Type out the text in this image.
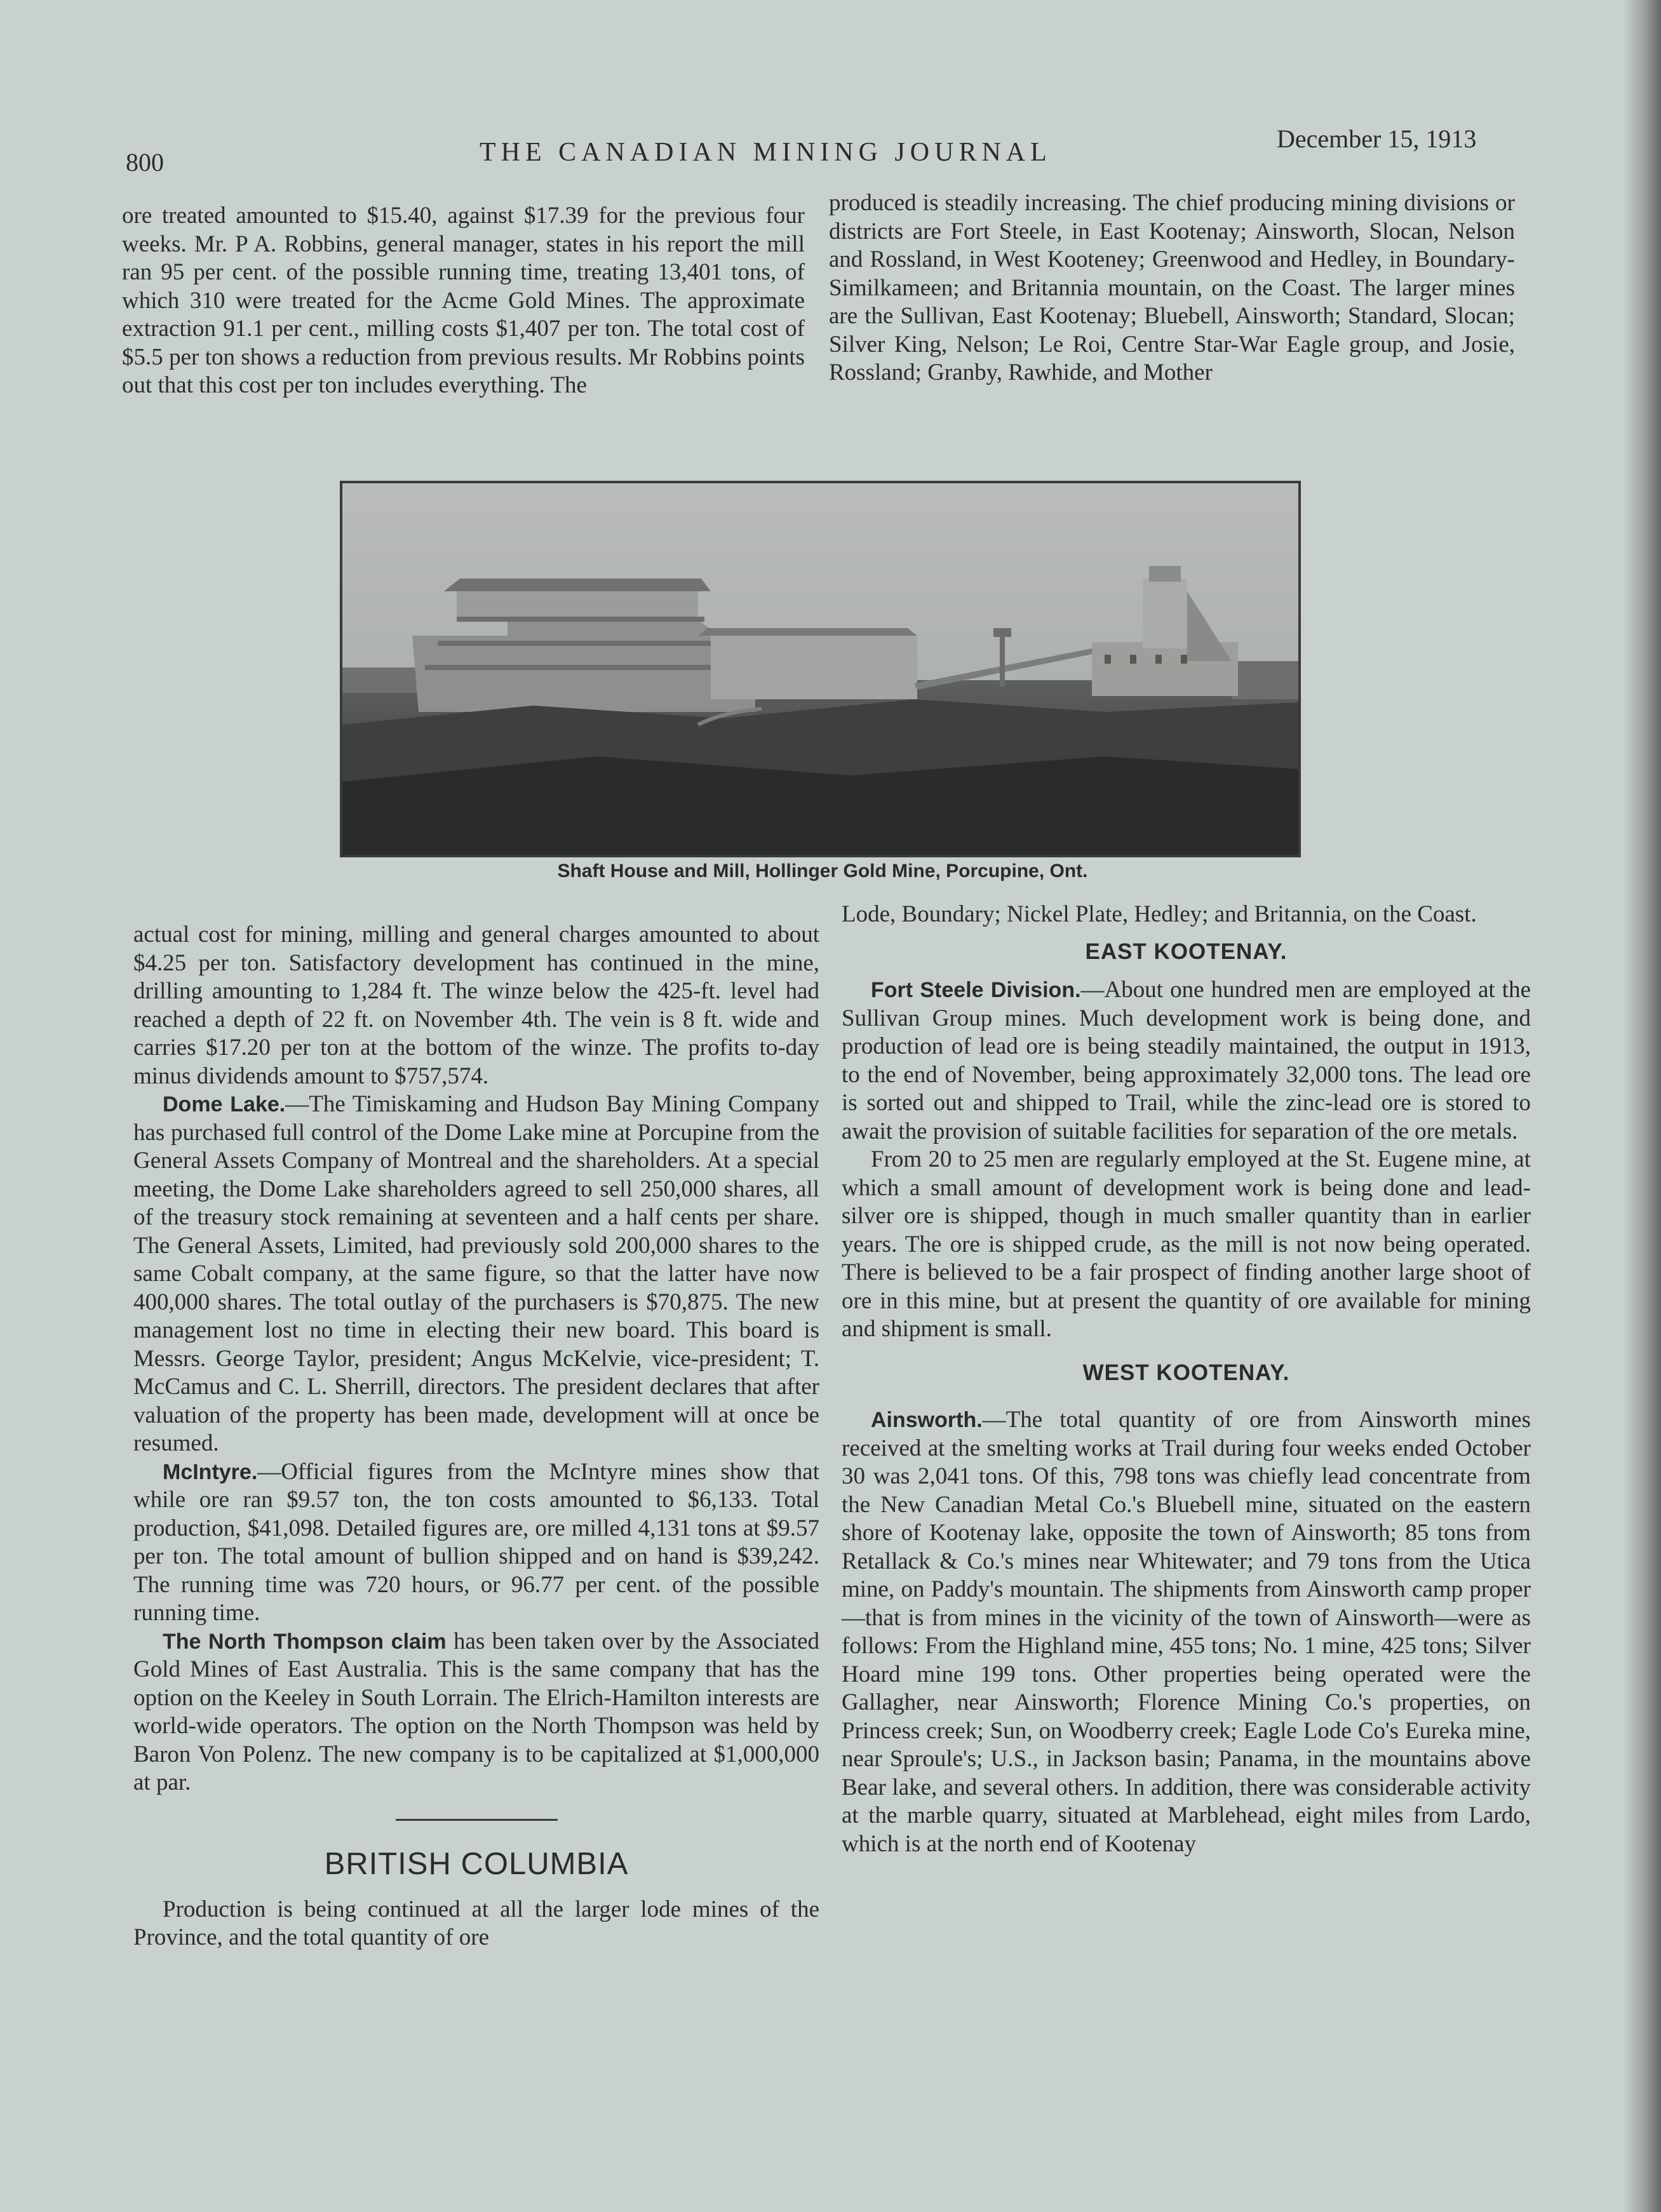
800	THE CANADIAN MINING JOURNAL	December 15, 1913

ore treated amounted to $15.40, against $17.39 for the previous four weeks. Mr. P A. Robbins, general manager, states in his report the mill ran 95 per cent. of the possible running time, treating 13,401 tons, of which 310 were treated for the Acme Gold Mines. The approximate extraction 91.1 per cent., milling costs $1,407 per ton. The total cost of $5.5 per ton shows a reduction from previous results. Mr Robbins points out that this cost per ton includes everything. The

produced is steadily increasing. The chief producing mining divisions or districts are Fort Steele, in East Kootenay; Ainsworth, Slocan, Nelson and Rossland, in West Kooteney; Greenwood and Hedley, in Boundary-Similkameen; and Britannia mountain, on the Coast. The larger mines are the Sullivan, East Kootenay; Bluebell, Ainsworth; Standard, Slocan; Silver King, Nelson; Le Roi, Centre Star-War Eagle group, and Josie, Rossland; Granby, Rawhide, and Mother

Shaft House and Mill, Hollinger Gold Mine, Porcupine, Ont.

actual cost for mining, milling and general charges amounted to about $4.25 per ton. Satisfactory development has continued in the mine, drilling amounting to 1,284 ft. The winze below the 425-ft. level had reached a depth of 22 ft. on November 4th. The vein is 8 ft. wide and carries $17.20 per ton at the bottom of the winze. The profits to-day minus dividends amount to $757,574.

Dome Lake.—The Timiskaming and Hudson Bay Mining Company has purchased full control of the Dome Lake mine at Porcupine from the General Assets Company of Montreal and the shareholders. At a special meeting, the Dome Lake shareholders agreed to sell 250,000 shares, all of the treasury stock remaining at seventeen and a half cents per share. The General Assets, Limited, had previously sold 200,000 shares to the same Cobalt company, at the same figure, so that the latter have now 400,000 shares. The total outlay of the purchasers is $70,875. The new management lost no time in electing their new board. This board is Messrs. George Taylor, president; Angus McKelvie, vice-president; T. McCamus and C. L. Sherrill, directors. The president declares that after valuation of the property has been made, development will at once be resumed.

McIntyre.—Official figures from the McIntyre mines show that while ore ran $9.57 ton, the ton costs amounted to $6,133. Total production, $41,098. Detailed figures are, ore milled 4,131 tons at $9.57 per ton. The total amount of bullion shipped and on hand is $39,242. The running time was 720 hours, or 96.77 per cent. of the possible running time.

The North Thompson claim has been taken over by the Associated Gold Mines of East Australia. This is the same company that has the option on the Keeley in South Lorrain. The Elrich-Hamilton interests are world-wide operators. The option on the North Thompson was held by Baron Von Polenz. The new company is to be capitalized at $1,000,000 at par.

BRITISH COLUMBIA

Production is being continued at all the larger lode mines of the Province, and the total quantity of ore

Lode, Boundary; Nickel Plate, Hedley; and Britannia, on the Coast.

EAST KOOTENAY.

Fort Steele Division.—About one hundred men are employed at the Sullivan Group mines. Much development work is being done, and production of lead ore is being steadily maintained, the output in 1913, to the end of November, being approximately 32,000 tons. The lead ore is sorted out and shipped to Trail, while the zinc-lead ore is stored to await the provision of suitable facilities for separation of the ore metals.

From 20 to 25 men are regularly employed at the St. Eugene mine, at which a small amount of development work is being done and lead-silver ore is shipped, though in much smaller quantity than in earlier years. The ore is shipped crude, as the mill is not now being operated. There is believed to be a fair prospect of finding another large shoot of ore in this mine, but at present the quantity of ore available for mining and shipment is small.

WEST KOOTENAY.

Ainsworth.—The total quantity of ore from Ainsworth mines received at the smelting works at Trail during four weeks ended October 30 was 2,041 tons. Of this, 798 tons was chiefly lead concentrate from the New Canadian Metal Co.'s Bluebell mine, situated on the eastern shore of Kootenay lake, opposite the town of Ainsworth; 85 tons from Retallack & Co.'s mines near Whitewater; and 79 tons from the Utica mine, on Paddy's mountain. The shipments from Ainsworth camp proper—that is from mines in the vicinity of the town of Ainsworth—were as follows: From the Highland mine, 455 tons; No. 1 mine, 425 tons; Silver Hoard mine 199 tons. Other properties being operated were the Gallagher, near Ainsworth; Florence Mining Co.'s properties, on Princess creek; Sun, on Woodberry creek; Eagle Lode Co's Eureka mine, near Sproule's; U.S., in Jackson basin; Panama, in the mountains above Bear lake, and several others. In addition, there was considerable activity at the marble quarry, situated at Marblehead, eight miles from Lardo, which is at the north end of Kootenay
